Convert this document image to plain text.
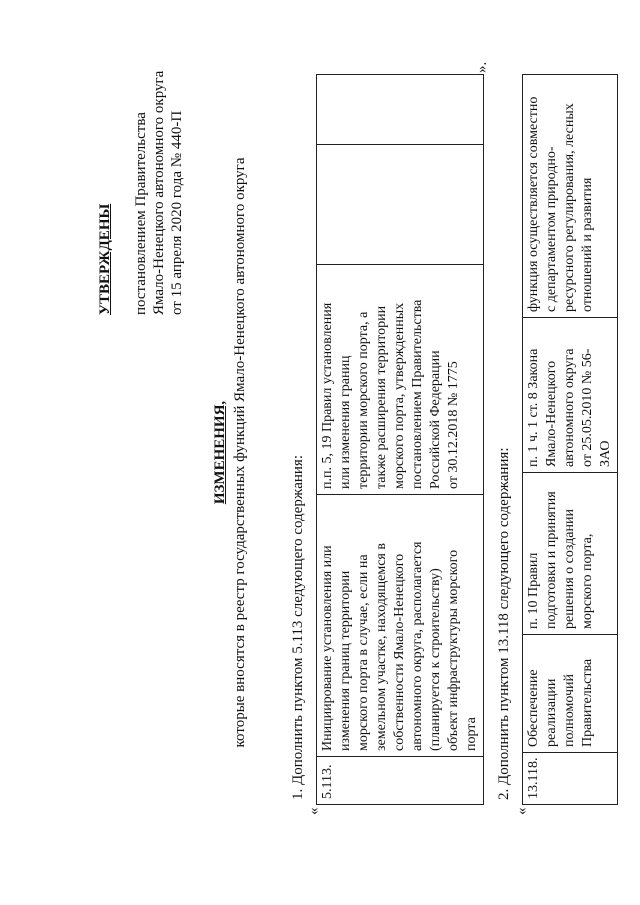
УТВЕРЖДЕНЫ постановлением Правительства Ямало-Ненецкого автономного округа от 15 апреля 2020 года № 440-П
ИЗМЕНЕНИЯ, которые вносятся в реестр государственных функций Ямало-Ненецкого автономного округа	1. Дополнить пунктом 5.113 следующего содержания:
«
5.113.	Инициирование установления или
изменения границ территории
морского порта в случае, если на
земельном участке, находящемся в
собственности Ямало-Ненецкого
автономного округа, располагается
(планируется к строительству)
объект инфраструктуры морского
порта	п.п. 5, 19 Правил установления
или изменения границ
территории морского порта, а
также расширения территории
морского порта, утвержденных
постановлением Правительства
Российской Федерации
от 30.12.2018 № 1775		
».
2. Дополнить пунктом 13.118 следующего содержания:
«
13.118.	Обеспечение
реализации
полномочий
Правительства	п. 10 Правил
подготовки и принятия
решения о создании
морского порта,	п. 1 ч. 1 ст. 8 Закона
Ямало-Ненецкого
автономного округа
от 25.05.2010 № 56-ЗАО	функция осуществляется совместно
с департаментом природно-
ресурсного регулирования, лесных
отношений и развития
